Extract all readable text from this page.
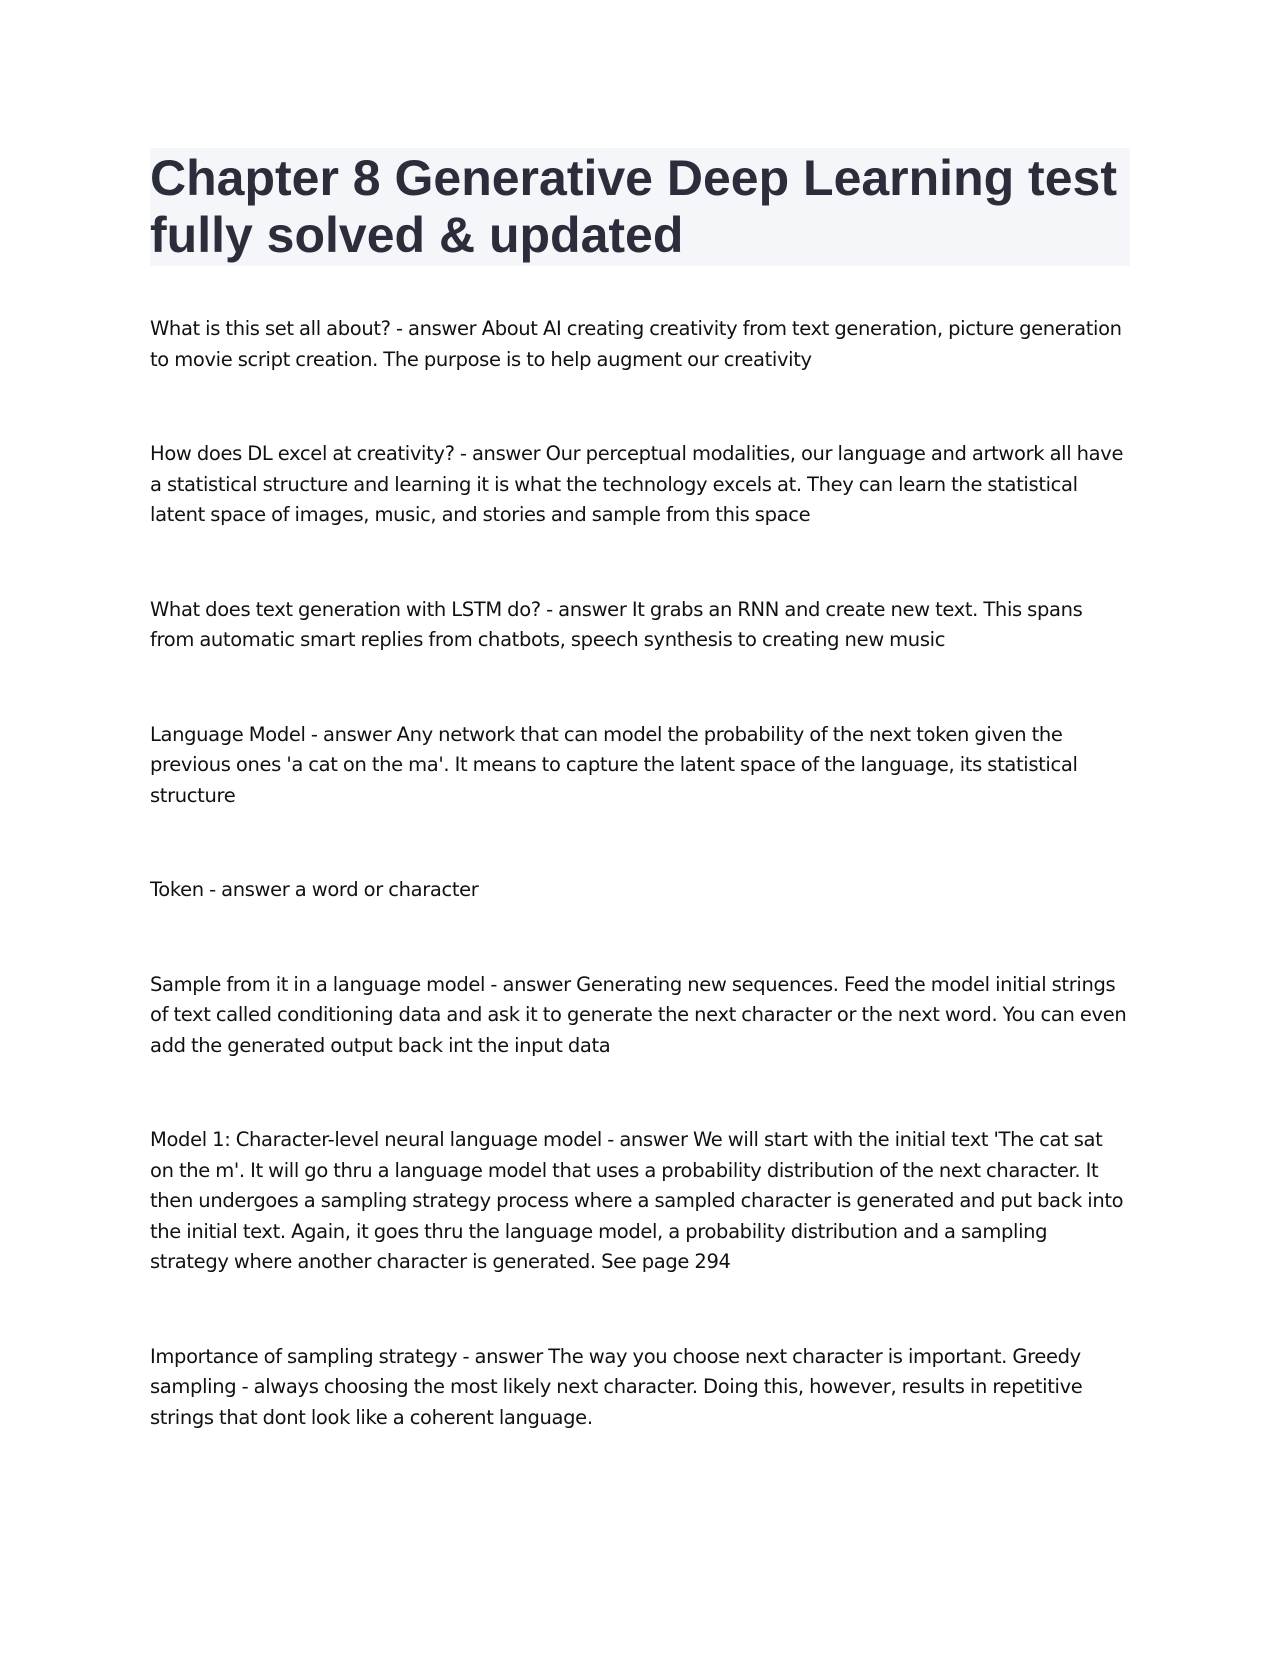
Chapter 8 Generative Deep Learning test fully solved & updated

What is this set all about? - answer About AI creating creativity from text generation, picture generation to movie script creation. The purpose is to help augment our creativity

How does DL excel at creativity? - answer Our perceptual modalities, our language and artwork all have a statistical structure and learning it is what the technology excels at. They can learn the statistical latent space of images, music, and stories and sample from this space

What does text generation with LSTM do? - answer It grabs an RNN and create new text. This spans from automatic smart replies from chatbots, speech synthesis to creating new music

Language Model - answer Any network that can model the probability of the next token given the previous ones 'a cat on the ma'. It means to capture the latent space of the language, its statistical structure

Token - answer a word or character

Sample from it in a language model - answer Generating new sequences. Feed the model initial strings of text called conditioning data and ask it to generate the next character or the next word. You can even add the generated output back int the input data

Model 1: Character-level neural language model - answer We will start with the initial text 'The cat sat on the m'. It will go thru a language model that uses a probability distribution of the next character. It then undergoes a sampling strategy process where a sampled character is generated and put back into the initial text. Again, it goes thru the language model, a probability distribution and a sampling strategy where another character is generated. See page 294

Importance of sampling strategy - answer The way you choose next character is important. Greedy sampling - always choosing the most likely next character. Doing this, however, results in repetitive strings that dont look like a coherent language.
